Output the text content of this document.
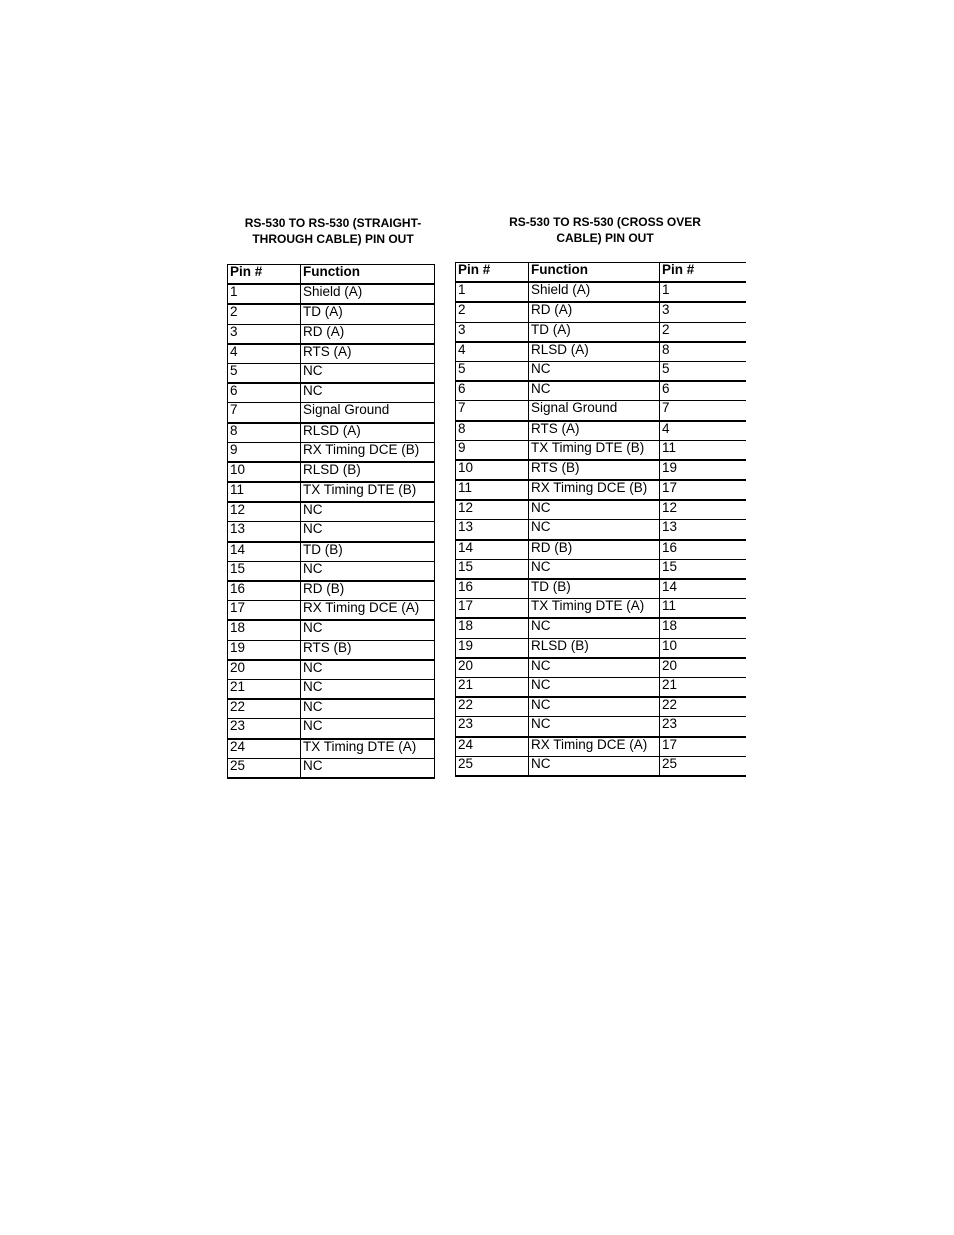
RS-530 TO RS-530 (STRAIGHT-
THROUGH CABLE) PIN OUT
RS-530 TO RS-530 (CROSS OVER
CABLE) PIN OUT
Pin #	Function
1	Shield (A)
2	TD (A)
3	RD (A)
4	RTS (A)
5	NC
6	NC
7	Signal Ground
8	RLSD (A)
9	RX Timing DCE (B)
10	RLSD (B)
11	TX Timing DTE (B)
12	NC
13	NC
14	TD (B)
15	NC
16	RD (B)
17	RX Timing DCE (A)
18	NC
19	RTS (B)
20	NC
21	NC
22	NC
23	NC
24	TX Timing DTE (A)
25	NC
Pin #	Function	Pin #
1	Shield (A)	1
2	RD (A)	3
3	TD (A)	2
4	RLSD (A)	8
5	NC	5
6	NC	6
7	Signal Ground	7
8	RTS (A)	4
9	TX Timing DTE (B)	11
10	RTS (B)	19
11	RX Timing DCE (B)	17
12	NC	12
13	NC	13
14	RD (B)	16
15	NC	15
16	TD (B)	14
17	TX Timing DTE (A)	11
18	NC	18
19	RLSD (B)	10
20	NC	20
21	NC	21
22	NC	22
23	NC	23
24	RX Timing DCE (A)	17
25	NC	25
